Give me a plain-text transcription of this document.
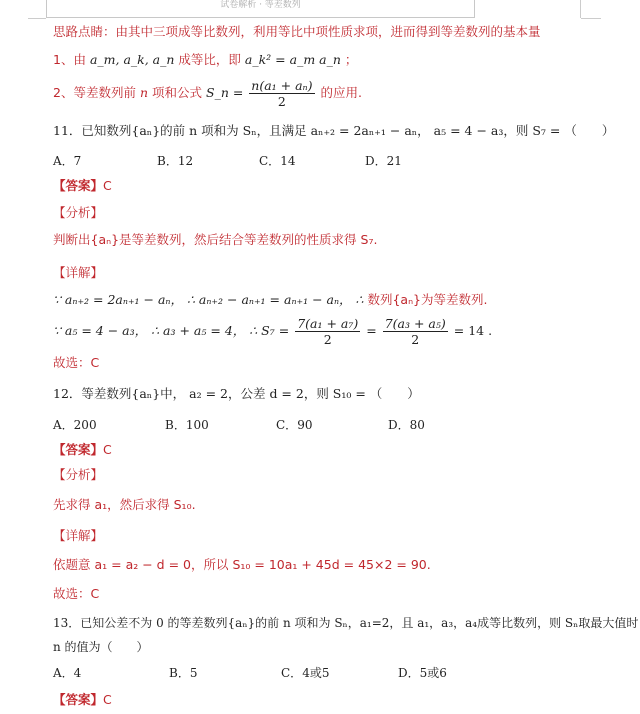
试卷解析 · 等差数列
思路点睛：由其中三项成等比数列，利用等比中项性质求项，进而得到等差数列的基本量
1、由 a_m, a_k, a_n 成等比，即 a_k² = a_m a_n ；
2、等差数列前 n 项和公式 S_n = $\frac{\text{n(a₁ + aₙ)}}{2}$ 的应用.
11．已知数列{aₙ}的前 n 项和为 Sₙ，且满足 aₙ₊₂ = 2aₙ₊₁ − aₙ， a₅ = 4 − a₃，则 S₇ = （　　）
A．7	B．12	C．14	D．21
【答案】C
【分析】
判断出{aₙ}是等差数列，然后结合等差数列的性质求得 S₇.
【详解】
∵ aₙ₊₂ = 2aₙ₊₁ − aₙ， ∴ aₙ₊₂ − aₙ₊₁ = aₙ₊₁ − aₙ， ∴ 数列{aₙ}为等差数列.
∵ a₅ = 4 − a₃， ∴ a₃ + a₅ = 4， ∴ $S_7 = \frac{\text{7(a₁ + a₇)}}{2} = \frac{\text{7(a₃ + a₅)}}{2} = 14$ .
故选：C
12．等差数列{aₙ}中， a₂ = 2，公差 d = 2，则 S₁₀ = （　　）
A．200	B．100	C．90	D．80
【答案】C
【分析】
先求得 a₁，然后求得 S₁₀.
【详解】
依题意 a₁ = a₂ − d = 0，所以 S₁₀ = 10a₁ + 45d = 45×2 = 90.
故选：C
13．已知公差不为 0 的等差数列{aₙ}的前 n 项和为 Sₙ，a₁=2，且 a₁，a₃，a₄成等比数列，则 Sₙ取最大值时
n 的值为（　　）
A．4	B．5	C．4或5	D．5或6
【答案】C
